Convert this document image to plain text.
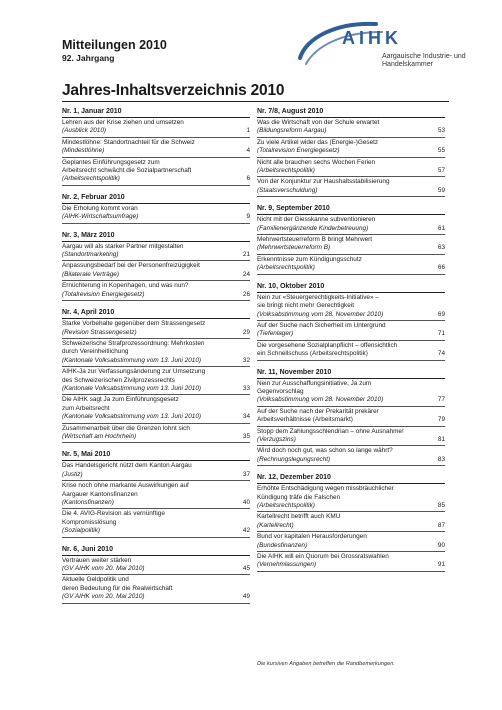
Mitteilungen 2010
92. Jahrgang
AIHK
Aargauische Industrie- und
Handelskammer
Jahres-Inhaltsverzeichnis 2010
Nr. 1, Januar 2010
Lehren aus der Krise ziehen und umsetzen
(Ausblick 2010)	1
Mindestlöhne: Standortnachteil für die Schweiz
(Mindestlöhne)	4
Geplantes Einführungsgesetz zum
Arbeitsrecht schwächt die Sozialpartnerschaft
(Arbeitsrechtspolitik)	6
Nr. 2, Februar 2010
Die Erholung kommt voran
(AIHK-Wirtschaftsumfrage)	9
Nr. 3, März 2010
Aargau will als starker Partner mitgestalten
(Standortmarketing)	21
Anpassungsbedarf bei der Personenfreizügigkeit
(Bilaterale Verträge)	24
Ernüchterung in Kopenhagen, und was nun?
(Totalrevision Energiegesetz)	26
Nr. 4, April 2010
Starke Vorbehalte gegenüber dem Strassengesetz
(Revision Strassengesetz)	29
Schweizerische Strafprozessordnung: Mehrkosten
durch Vereinheitlichung
(Kantonale Volksabstimmung vom 13. Juni 2010)	32
AIHK-Ja zur Verfassungsänderung zur Umsetzung
des Schweizerischen Zivilprozessrechts
(Kantonale Volksabstimmung vom 13. Juni 2010)	33
Die AIHK sagt Ja zum Einführungsgesetz
zum Arbeitsrecht
(Kantonale Volksabstimmung vom 13. Juni 2010)	34
Zusammenarbeit über die Grenzen lohnt sich
(Wirtschaft am Hochrhein)	35
Nr. 5, Mai 2010
Das Handelsgericht nützt dem Kanton Aargau
(Justiz)	37
Krise noch ohne markante Auswirkungen auf
Aargauer Kantonsfinanzen
(Kantonsfinanzen)	40
Die 4. AVIG-Revision als vernünftige
Kompromisslösung
(Sozialpolitik)	42
Nr. 6, Juni 2010
Vertrauen weiter stärken
(GV AIHK vom 20. Mai 2010)	45
Aktuelle Geldpolitik und
deren Bedeutung für die Realwirtschaft
(GV AIHK vom 20. Mai 2010)	49
Nr. 7/8, August 2010
Was die Wirtschaft von der Schule erwartet
(Bildungsreform Aargau)	53
Zu viele Artikel wider das (Energie-)Gesetz
(Totalrevision Energiegesetz)	55
Nicht alle brauchen sechs Wochen Ferien
(Arbeitsrechtspolitik)	57
Von der Konjunktur zur Haushaltsstabilisierung
(Staatsverschuldung)	59
Nr. 9, September 2010
Nicht mit der Giesskanne subventionieren
(Familienergänzende Kinderbetreuung)	61
Mehrwertsteuerreform B bringt Mehrwert
(Mehrwertsteuerreform B)	63
Erkenntnisse zum Kündigungsschutz
(Arbeitsrechtspolitik)	66
Nr. 10, Oktober 2010
Nein zur «Steuergerechtigkeits-Initiative» –
sie bringt nicht mehr Gerechtigkeit
(Volksabstimmung vom 28. November 2010)	69
Auf der Suche nach Sicherheit im Untergrund
(Tiefenlager)	71
Die vorgesehene Sozialplanpflicht – offensichtlich
ein Schnellschuss (Arbeitsrechtspolitik)	74
Nr. 11, November 2010
Nein zur Ausschaffungsinitiative, Ja zum
Gegenvorschlag
(Volksabstimmung vom 28. November 2010)	77
Auf der Suche nach der Prekarität prekärer
Arbeitsverhältnisse (Arbeitsmarkt)	79
Stopp dem Zahlungsschlendrian – ohne Ausnahme!
(Verzugszins)	81
Wird doch noch gut, was schon so lange währt?
(Rechnungslegungsrecht)	83
Nr. 12, Dezember 2010
Erhöhte Entschädigung wegen missbräuchlicher
Kündigung träfe die Falschen
(Arbeitsrechtspolitik)	85
Kartellrecht betrifft auch KMU
(Kartellrecht)	87
Bund vor kapitalen Herausforderungen
(Bundesfinanzen)	90
Die AIHK will ein Quorum bei Grossratswahlen
(Vernehmlassungen)	91
Die kursiven Angaben betreffen die Randbemerkungen.
